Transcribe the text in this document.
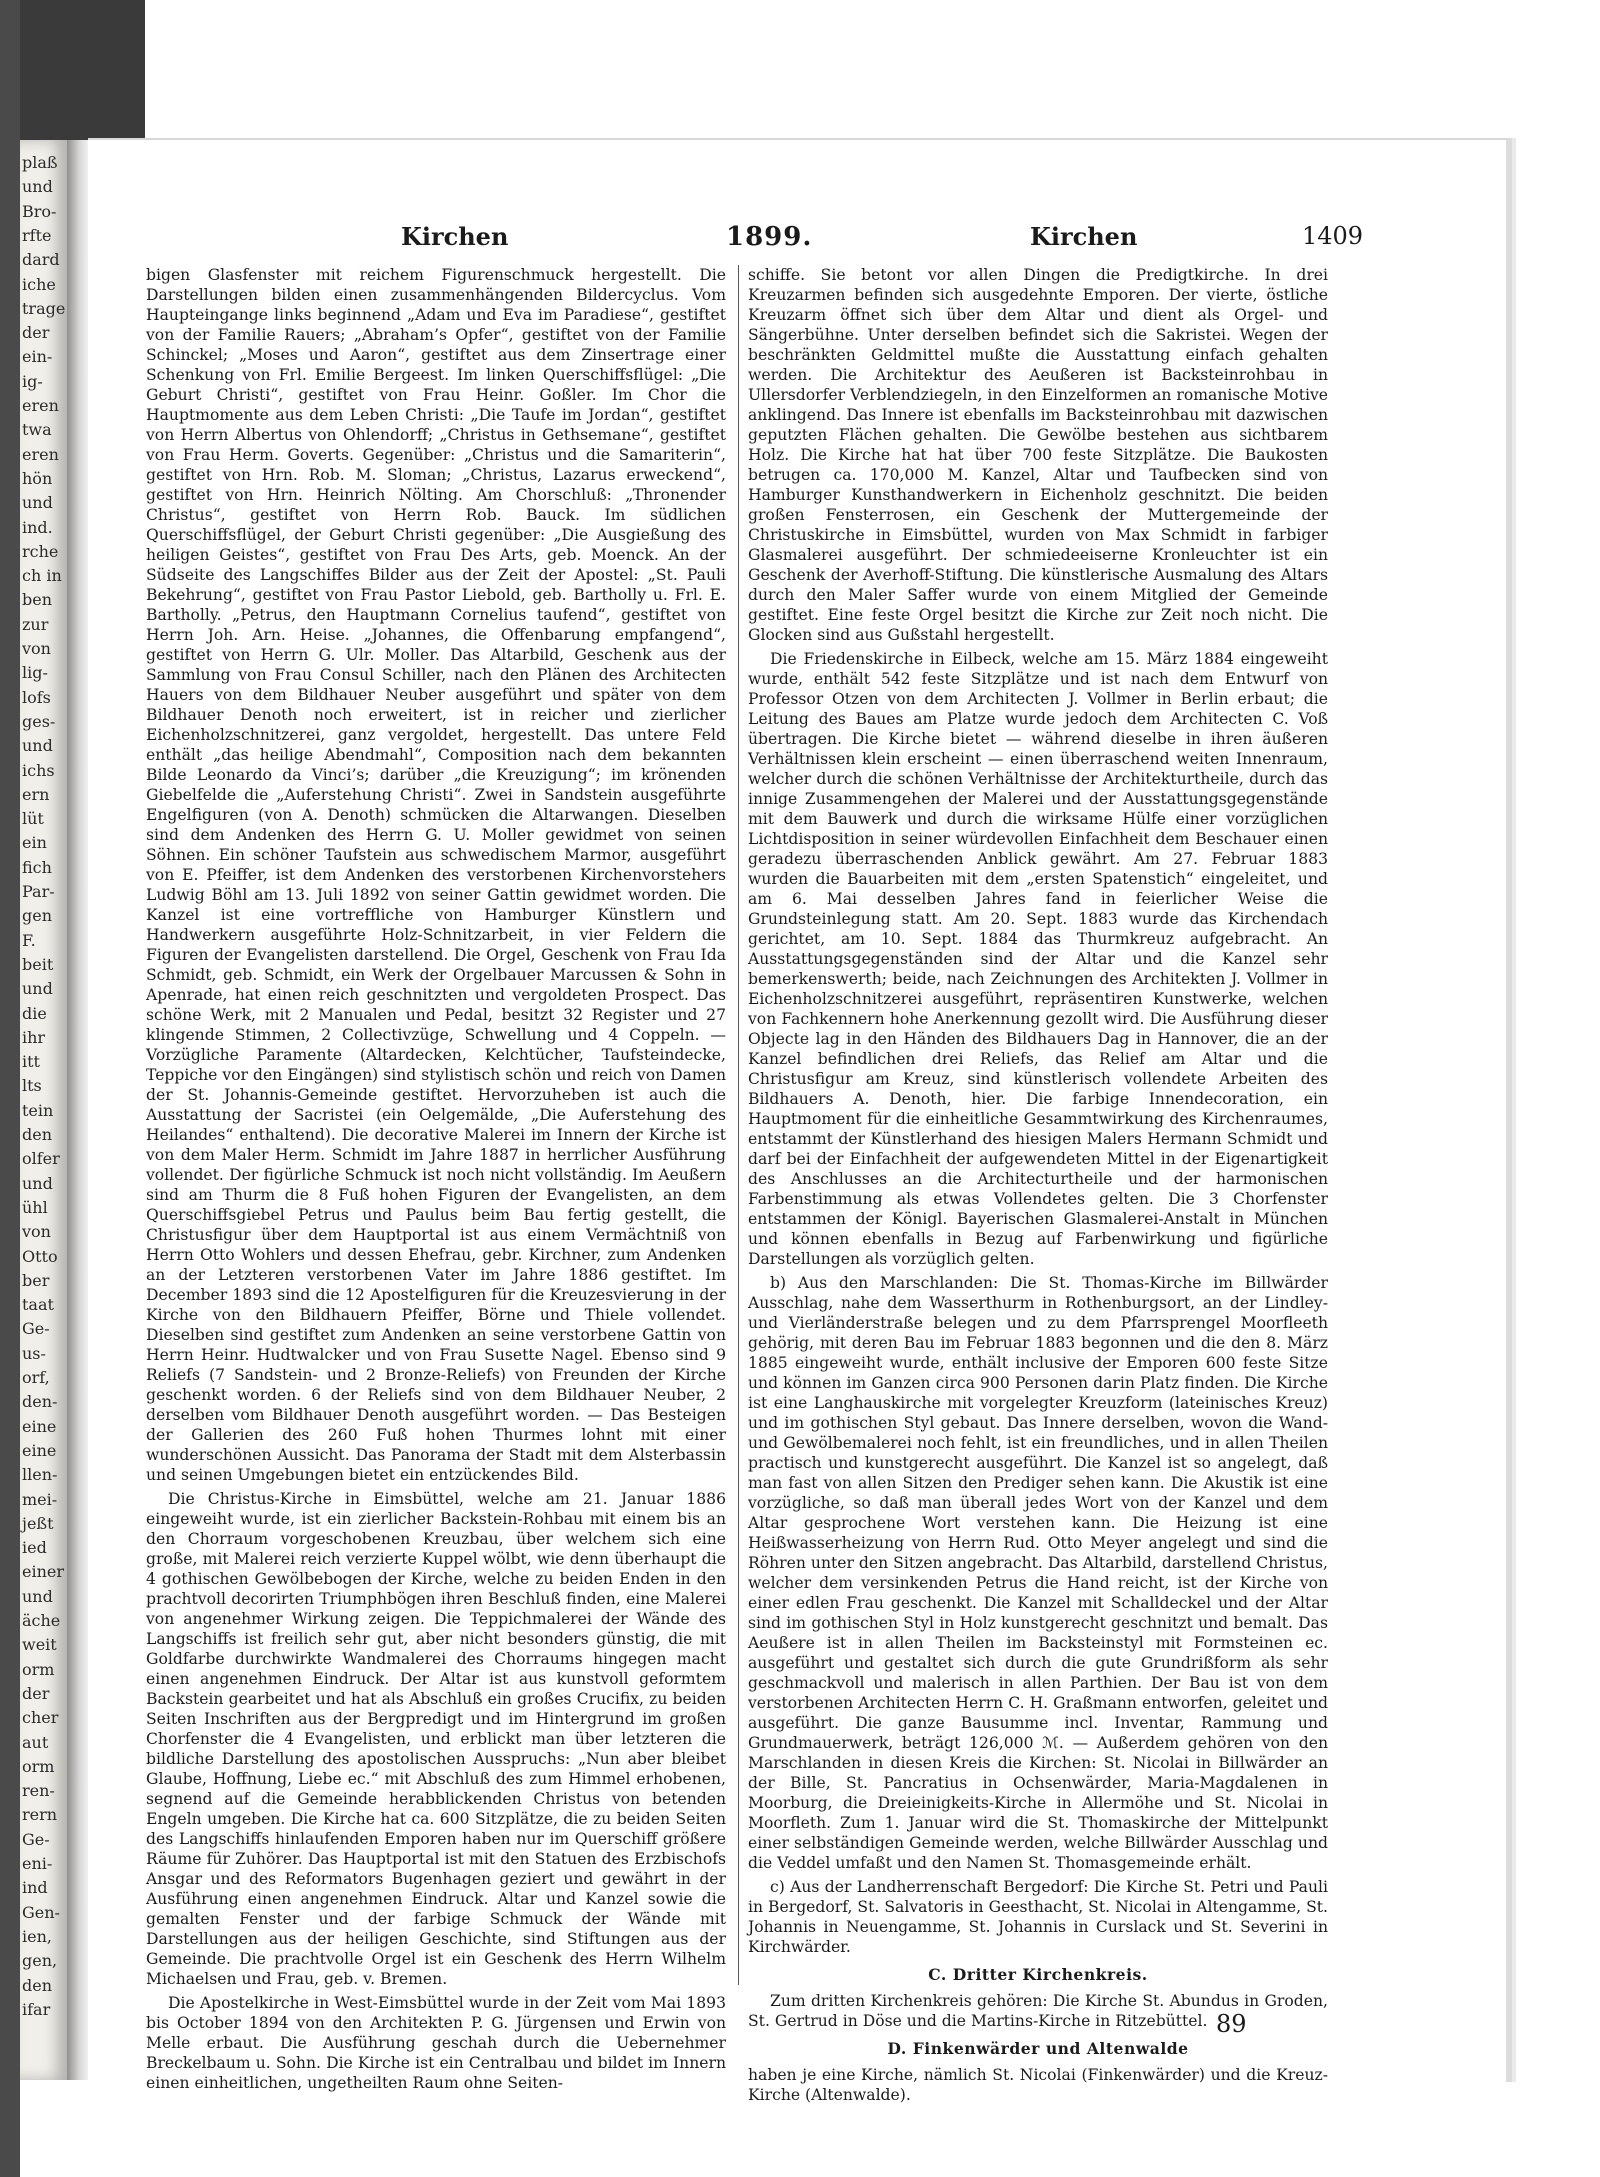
plaß
und
Bro-
rfte
dard
iche
trage
der
ein-
ig-
eren
twa
eren
hön
und
ind.
rche
ch in
ben
zur
von
lig-
lofs
ges-
und
ichs
ern
lüt
ein
fich
Par-
gen
F.
beit
und
die
ihr
itt
lts
tein
den
olfer
und
ühl
von
Otto
ber
taat
Ge-
us-
orf,
den-
eine
eine
llen-
mei-
jeßt
ied
einer
und
äche
weit
orm
der
cher
aut
orm
ren-
rern
Ge-
eni-
ind
Gen-
ien,
gen,
den
ifar
Kirchen	1899.	Kirchen	1409

bigen Glasfenster mit reichem Figurenschmuck hergestellt. Die Darstellungen bilden einen zusammenhängenden Bildercyclus. Vom Haupteingange links beginnend „Adam und Eva im Paradiese“, gestiftet von der Familie Rauers; „Abraham’s Opfer“, gestiftet von der Familie Schinckel; „Moses und Aaron“, gestiftet aus dem Zinsertrage einer Schenkung von Frl. Emilie Bergeest. Im linken Querschiffsflügel: „Die Geburt Christi“, gestiftet von Frau Heinr. Goßler. Im Chor die Hauptmomente aus dem Leben Christi: „Die Taufe im Jordan“, gestiftet von Herrn Albertus von Ohlendorff; „Christus in Gethsemane“, gestiftet von Frau Herm. Goverts. Gegenüber: „Christus und die Samariterin“, gestiftet von Hrn. Rob. M. Sloman; „Christus, Lazarus erweckend“, gestiftet von Hrn. Heinrich Nölting. Am Chorschluß: „Thronender Christus“, gestiftet von Herrn Rob. Bauck. Im südlichen Querschiffsflügel, der Geburt Christi gegenüber: „Die Ausgießung des heiligen Geistes“, gestiftet von Frau Des Arts, geb. Moenck. An der Südseite des Langschiffes Bilder aus der Zeit der Apostel: „St. Pauli Bekehrung“, gestiftet von Frau Pastor Liebold, geb. Bartholly u. Frl. E. Bartholly. „Petrus, den Hauptmann Cornelius taufend“, gestiftet von Herrn Joh. Arn. Heise. „Johannes, die Offenbarung empfangend“, gestiftet von Herrn G. Ulr. Moller. Das Altarbild, Geschenk aus der Sammlung von Frau Consul Schiller, nach den Plänen des Architecten Hauers von dem Bildhauer Neuber ausgeführt und später von dem Bildhauer Denoth noch erweitert, ist in reicher und zierlicher Eichenholzschnitzerei, ganz vergoldet, hergestellt. Das untere Feld enthält „das heilige Abendmahl“, Composition nach dem bekannten Bilde Leonardo da Vinci’s; darüber „die Kreuzigung“; im krönenden Giebelfelde die „Auferstehung Christi“. Zwei in Sandstein ausgeführte Engelfiguren (von A. Denoth) schmücken die Altarwangen. Dieselben sind dem Andenken des Herrn G. U. Moller gewidmet von seinen Söhnen. Ein schöner Taufstein aus schwedischem Marmor, ausgeführt von E. Pfeiffer, ist dem Andenken des verstorbenen Kirchenvorstehers Ludwig Böhl am 13. Juli 1892 von seiner Gattin gewidmet worden. Die Kanzel ist eine vortreffliche von Hamburger Künstlern und Handwerkern ausgeführte Holz-Schnitzarbeit, in vier Feldern die Figuren der Evangelisten darstellend. Die Orgel, Geschenk von Frau Ida Schmidt, geb. Schmidt, ein Werk der Orgelbauer Marcussen & Sohn in Apenrade, hat einen reich geschnitzten und vergoldeten Prospect. Das schöne Werk, mit 2 Manualen und Pedal, besitzt 32 Register und 27 klingende Stimmen, 2 Collectivzüge, Schwellung und 4 Coppeln. — Vorzügliche Paramente (Altardecken, Kelchtücher, Taufsteindecke, Teppiche vor den Eingängen) sind stylistisch schön und reich von Damen der St. Johannis-Gemeinde gestiftet. Hervorzuheben ist auch die Ausstattung der Sacristei (ein Oelgemälde, „Die Auferstehung des Heilandes“ enthaltend). Die decorative Malerei im Innern der Kirche ist von dem Maler Herm. Schmidt im Jahre 1887 in herrlicher Ausführung vollendet. Der figürliche Schmuck ist noch nicht vollständig. Im Aeußern sind am Thurm die 8 Fuß hohen Figuren der Evangelisten, an dem Querschiffsgiebel Petrus und Paulus beim Bau fertig gestellt, die Christusfigur über dem Hauptportal ist aus einem Vermächtniß von Herrn Otto Wohlers und dessen Ehefrau, gebr. Kirchner, zum Andenken an der Letzteren verstorbenen Vater im Jahre 1886 gestiftet. Im December 1893 sind die 12 Apostelfiguren für die Kreuzesvierung in der Kirche von den Bildhauern Pfeiffer, Börne und Thiele vollendet. Dieselben sind gestiftet zum Andenken an seine verstorbene Gattin von Herrn Heinr. Hudtwalcker und von Frau Susette Nagel. Ebenso sind 9 Reliefs (7 Sandstein- und 2 Bronze-Reliefs) von Freunden der Kirche geschenkt worden. 6 der Reliefs sind von dem Bildhauer Neuber, 2 derselben vom Bildhauer Denoth ausgeführt worden. — Das Besteigen der Gallerien des 260 Fuß hohen Thurmes lohnt mit einer wunderschönen Aussicht. Das Panorama der Stadt mit dem Alsterbassin und seinen Umgebungen bietet ein entzückendes Bild.

Die Christus-Kirche in Eimsbüttel, welche am 21. Januar 1886 eingeweiht wurde, ist ein zierlicher Backstein-Rohbau mit einem bis an den Chorraum vorgeschobenen Kreuzbau, über welchem sich eine große, mit Malerei reich verzierte Kuppel wölbt, wie denn überhaupt die 4 gothischen Gewölbebogen der Kirche, welche zu beiden Enden in den prachtvoll decorirten Triumphbögen ihren Beschluß finden, eine Malerei von angenehmer Wirkung zeigen. Die Teppichmalerei der Wände des Langschiffs ist freilich sehr gut, aber nicht besonders günstig, die mit Goldfarbe durchwirkte Wandmalerei des Chorraums hingegen macht einen angenehmen Eindruck. Der Altar ist aus kunstvoll geformtem Backstein gearbeitet und hat als Abschluß ein großes Crucifix, zu beiden Seiten Inschriften aus der Bergpredigt und im Hintergrund im großen Chorfenster die 4 Evangelisten, und erblickt man über letzteren die bildliche Darstellung des apostolischen Ausspruchs: „Nun aber bleibet Glaube, Hoffnung, Liebe ec.“ mit Abschluß des zum Himmel erhobenen, segnend auf die Gemeinde herabblickenden Christus von betenden Engeln umgeben. Die Kirche hat ca. 600 Sitzplätze, die zu beiden Seiten des Langschiffs hinlaufenden Emporen haben nur im Querschiff größere Räume für Zuhörer. Das Hauptportal ist mit den Statuen des Erzbischofs Ansgar und des Reformators Bugenhagen geziert und gewährt in der Ausführung einen angenehmen Eindruck. Altar und Kanzel sowie die gemalten Fenster und der farbige Schmuck der Wände mit Darstellungen aus der heiligen Geschichte, sind Stiftungen aus der Gemeinde. Die prachtvolle Orgel ist ein Geschenk des Herrn Wilhelm Michaelsen und Frau, geb. v. Bremen.

Die Apostelkirche in West-Eimsbüttel wurde in der Zeit vom Mai 1893 bis October 1894 von den Architekten P. G. Jürgensen und Erwin von Melle erbaut. Die Ausführung geschah durch die Uebernehmer Breckelbaum u. Sohn. Die Kirche ist ein Centralbau und bildet im Innern einen einheitlichen, ungetheilten Raum ohne Seiten-

schiffe. Sie betont vor allen Dingen die Predigtkirche. In drei Kreuzarmen befinden sich ausgedehnte Emporen. Der vierte, östliche Kreuzarm öffnet sich über dem Altar und dient als Orgel- und Sängerbühne. Unter derselben befindet sich die Sakristei. Wegen der beschränkten Geldmittel mußte die Ausstattung einfach gehalten werden. Die Architektur des Aeußeren ist Backsteinrohbau in Ullersdorfer Verblendziegeln, in den Einzelformen an romanische Motive anklingend. Das Innere ist ebenfalls im Backsteinrohbau mit dazwischen geputzten Flächen gehalten. Die Gewölbe bestehen aus sichtbarem Holz. Die Kirche hat hat über 700 feste Sitzplätze. Die Baukosten betrugen ca. 170,000 M. Kanzel, Altar und Taufbecken sind von Hamburger Kunsthandwerkern in Eichenholz geschnitzt. Die beiden großen Fensterrosen, ein Geschenk der Muttergemeinde der Christuskirche in Eimsbüttel, wurden von Max Schmidt in farbiger Glasmalerei ausgeführt. Der schmiedeeiserne Kronleuchter ist ein Geschenk der Averhoff-Stiftung. Die künstlerische Ausmalung des Altars durch den Maler Saffer wurde von einem Mitglied der Gemeinde gestiftet. Eine feste Orgel besitzt die Kirche zur Zeit noch nicht. Die Glocken sind aus Gußstahl hergestellt.

Die Friedenskirche in Eilbeck, welche am 15. März 1884 eingeweiht wurde, enthält 542 feste Sitzplätze und ist nach dem Entwurf von Professor Otzen von dem Architecten J. Vollmer in Berlin erbaut; die Leitung des Baues am Platze wurde jedoch dem Architecten C. Voß übertragen. Die Kirche bietet — während dieselbe in ihren äußeren Verhältnissen klein erscheint — einen überraschend weiten Innenraum, welcher durch die schönen Verhältnisse der Architekturtheile, durch das innige Zusammengehen der Malerei und der Ausstattungsgegenstände mit dem Bauwerk und durch die wirksame Hülfe einer vorzüglichen Lichtdisposition in seiner würdevollen Einfachheit dem Beschauer einen geradezu überraschenden Anblick gewährt. Am 27. Februar 1883 wurden die Bauarbeiten mit dem „ersten Spatenstich“ eingeleitet, und am 6. Mai desselben Jahres fand in feierlicher Weise die Grundsteinlegung statt. Am 20. Sept. 1883 wurde das Kirchendach gerichtet, am 10. Sept. 1884 das Thurmkreuz aufgebracht. An Ausstattungsgegenständen sind der Altar und die Kanzel sehr bemerkenswerth; beide, nach Zeichnungen des Architekten J. Vollmer in Eichenholzschnitzerei ausgeführt, repräsentiren Kunstwerke, welchen von Fachkennern hohe Anerkennung gezollt wird. Die Ausführung dieser Objecte lag in den Händen des Bildhauers Dag in Hannover, die an der Kanzel befindlichen drei Reliefs, das Relief am Altar und die Christusfigur am Kreuz, sind künstlerisch vollendete Arbeiten des Bildhauers A. Denoth, hier. Die farbige Innendecoration, ein Hauptmoment für die einheitliche Gesammtwirkung des Kirchenraumes, entstammt der Künstlerhand des hiesigen Malers Hermann Schmidt und darf bei der Einfachheit der aufgewendeten Mittel in der Eigenartigkeit des Anschlusses an die Architecturtheile und der harmonischen Farbenstimmung als etwas Vollendetes gelten. Die 3 Chorfenster entstammen der Königl. Bayerischen Glasmalerei-Anstalt in München und können ebenfalls in Bezug auf Farbenwirkung und figürliche Darstellungen als vorzüglich gelten.

b) Aus den Marschlanden: Die St. Thomas-Kirche im Billwärder Ausschlag, nahe dem Wasserthurm in Rothenburgsort, an der Lindley- und Vierländerstraße belegen und zu dem Pfarrsprengel Moorfleeth gehörig, mit deren Bau im Februar 1883 begonnen und die den 8. März 1885 eingeweiht wurde, enthält inclusive der Emporen 600 feste Sitze und können im Ganzen circa 900 Personen darin Platz finden. Die Kirche ist eine Langhauskirche mit vorgelegter Kreuzform (lateinisches Kreuz) und im gothischen Styl gebaut. Das Innere derselben, wovon die Wand- und Gewölbemalerei noch fehlt, ist ein freundliches, und in allen Theilen practisch und kunstgerecht ausgeführt. Die Kanzel ist so angelegt, daß man fast von allen Sitzen den Prediger sehen kann. Die Akustik ist eine vorzügliche, so daß man überall jedes Wort von der Kanzel und dem Altar gesprochene Wort verstehen kann. Die Heizung ist eine Heißwasserheizung von Herrn Rud. Otto Meyer angelegt und sind die Röhren unter den Sitzen angebracht. Das Altarbild, darstellend Christus, welcher dem versinkenden Petrus die Hand reicht, ist der Kirche von einer edlen Frau geschenkt. Die Kanzel mit Schalldeckel und der Altar sind im gothischen Styl in Holz kunstgerecht geschnitzt und bemalt. Das Aeußere ist in allen Theilen im Backsteinstyl mit Formsteinen ec. ausgeführt und gestaltet sich durch die gute Grundrißform als sehr geschmackvoll und malerisch in allen Parthien. Der Bau ist von dem verstorbenen Architecten Herrn C. H. Graßmann entworfen, geleitet und ausgeführt. Die ganze Bausumme incl. Inventar, Rammung und Grundmauerwerk, beträgt 126,000 ℳ. — Außerdem gehören von den Marschlanden in diesen Kreis die Kirchen: St. Nicolai in Billwärder an der Bille, St. Pancratius in Ochsenwärder, Maria-Magdalenen in Moorburg, die Dreieinigkeits-Kirche in Allermöhe und St. Nicolai in Moorfleth. Zum 1. Januar wird die St. Thomaskirche der Mittelpunkt einer selbständigen Gemeinde werden, welche Billwärder Ausschlag und die Veddel umfaßt und den Namen St. Thomasgemeinde erhält.

c) Aus der Landherrenschaft Bergedorf: Die Kirche St. Petri und Pauli in Bergedorf, St. Salvatoris in Geesthacht, St. Nicolai in Altengamme, St. Johannis in Neuengamme, St. Johannis in Curslack und St. Severini in Kirchwärder.

C. Dritter Kirchenkreis.

Zum dritten Kirchenkreis gehören: Die Kirche St. Abundus in Groden, St. Gertrud in Döse und die Martins-Kirche in Ritzebüttel.

D. Finkenwärder und Altenwalde

haben je eine Kirche, nämlich St. Nicolai (Finkenwärder) und die Kreuz-Kirche (Altenwalde).

89
